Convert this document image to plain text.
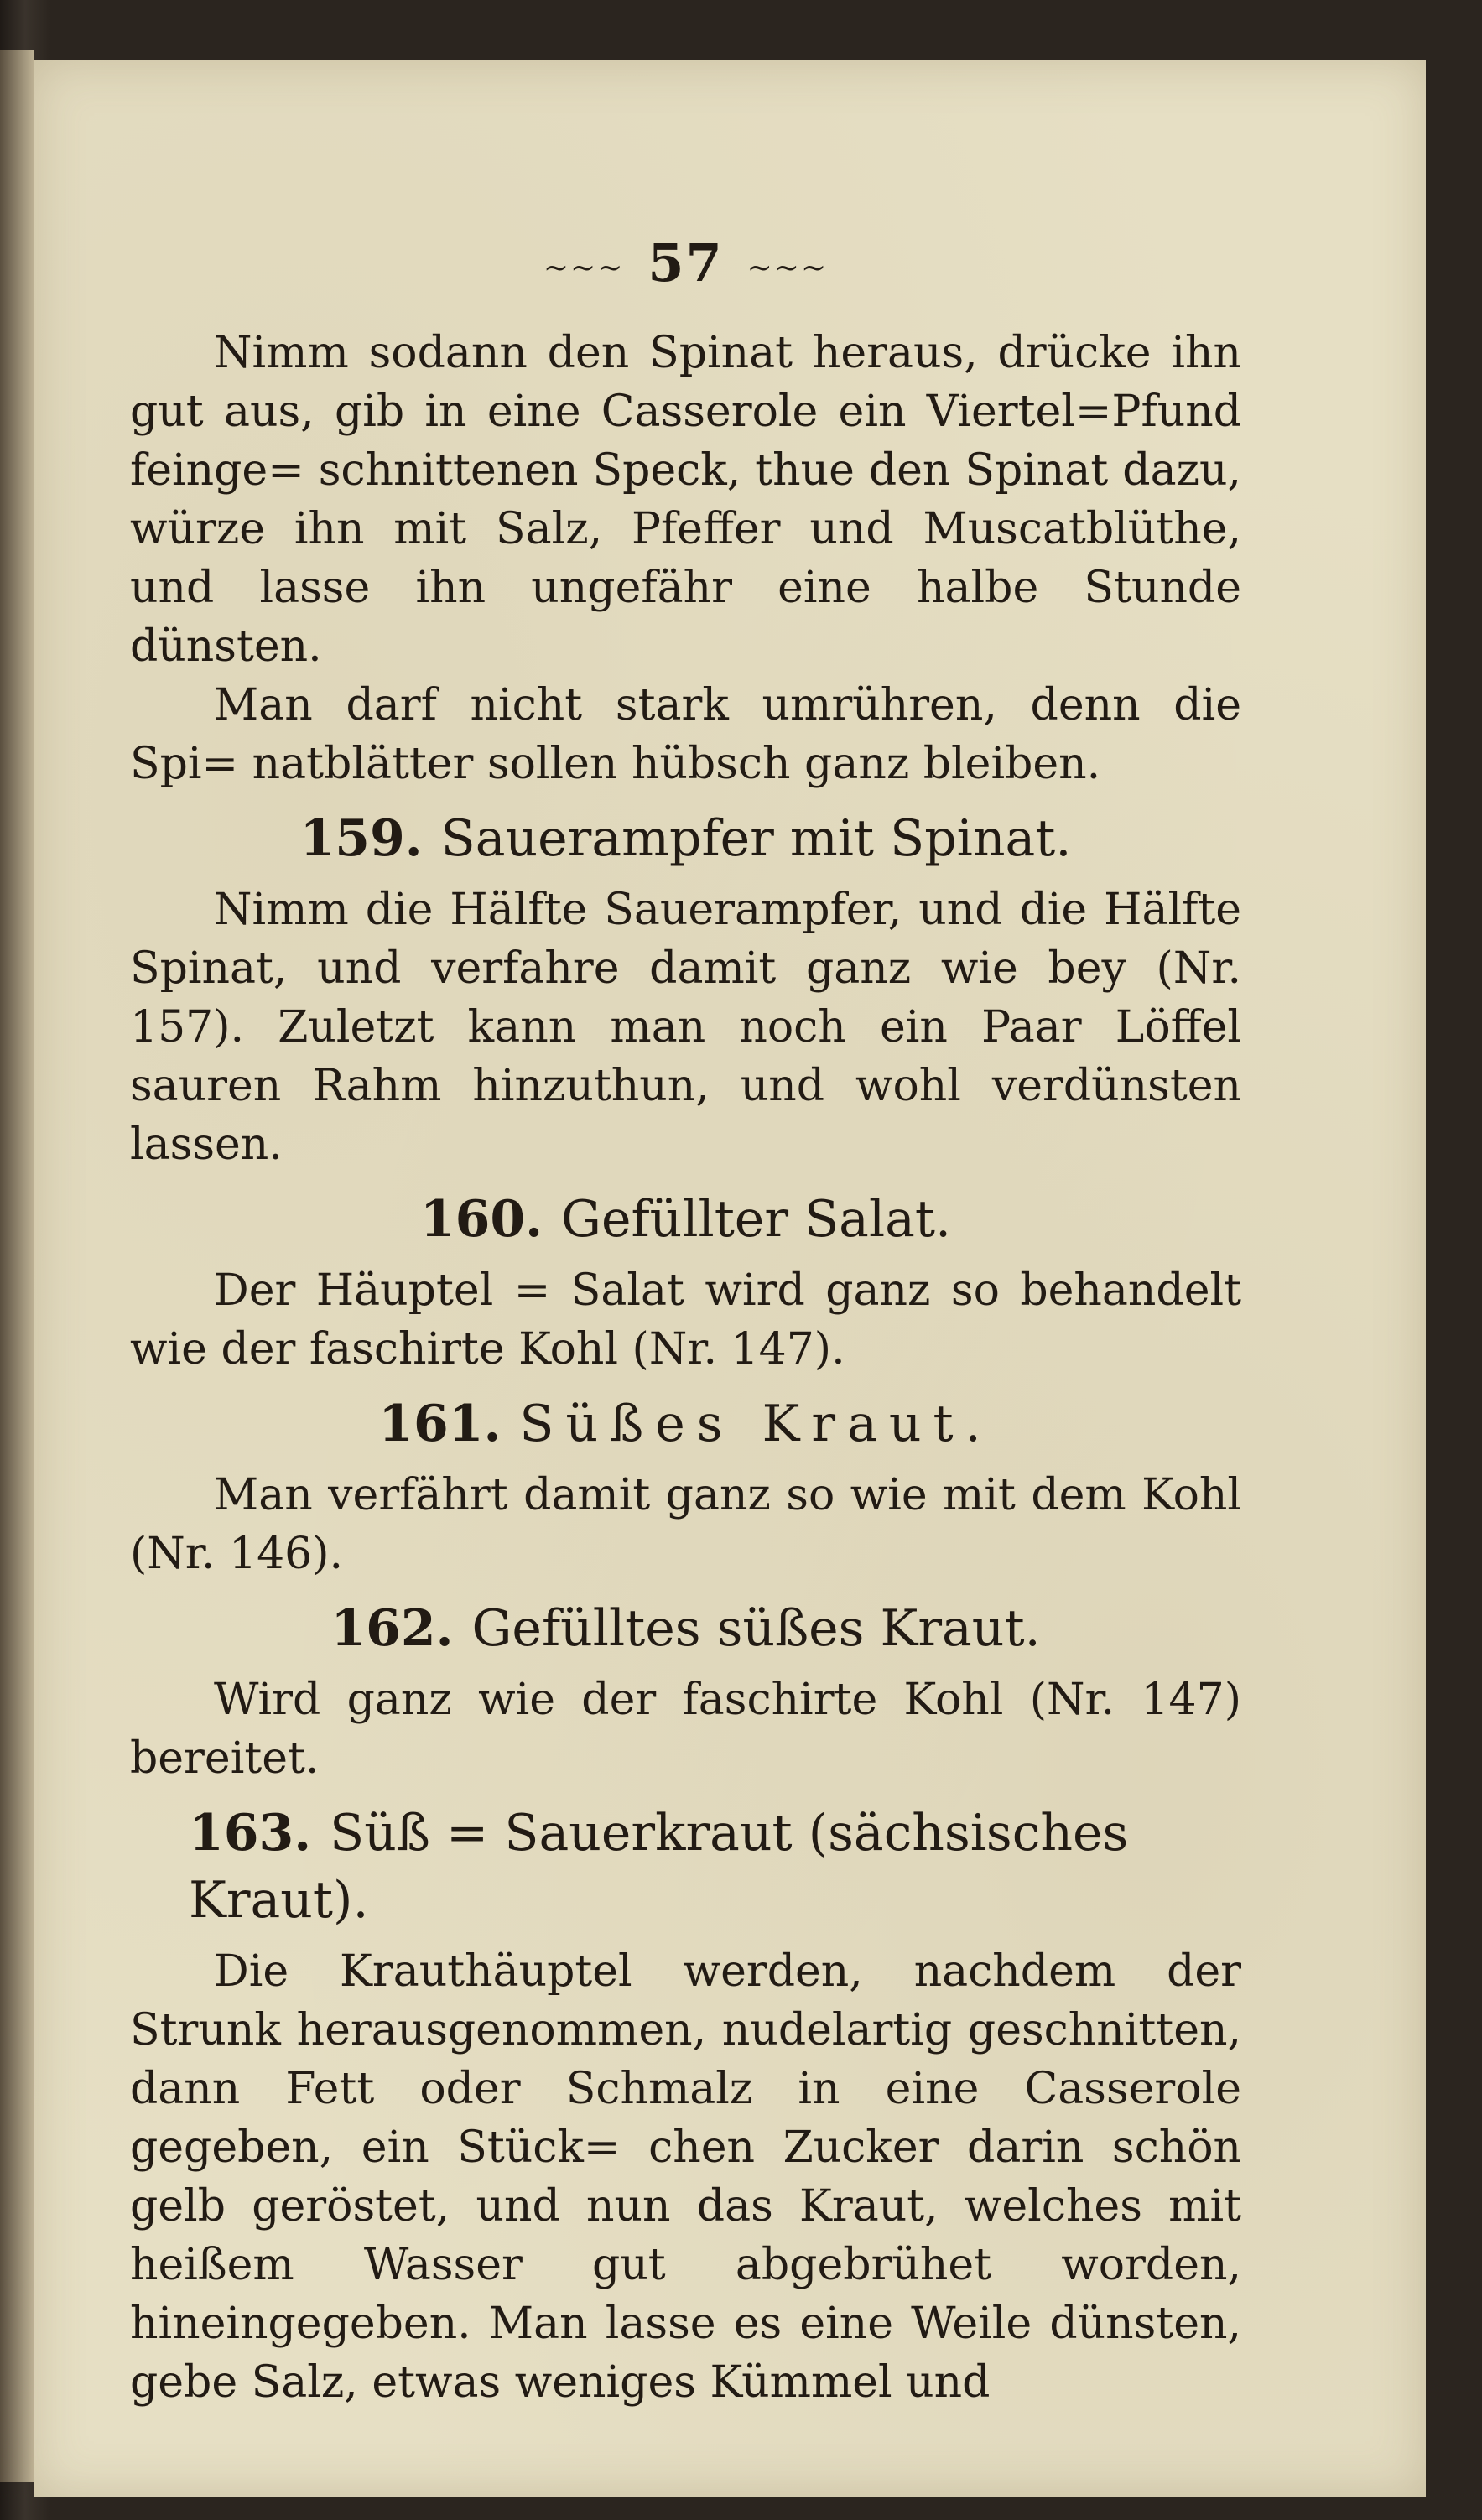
~~~ 57 ~~~

Nimm sodann den Spinat heraus, drücke ihn gut aus, gib in eine Casserole ein Viertel=Pfund feinge= schnittenen Speck, thue den Spinat dazu, würze ihn mit Salz, Pfeffer und Muscatblüthe, und lasse ihn ungefähr eine halbe Stunde dünsten.

Man darf nicht stark umrühren, denn die Spi= natblätter sollen hübsch ganz bleiben.

159. Sauerampfer mit Spinat.

Nimm die Hälfte Sauerampfer, und die Hälfte Spinat, und verfahre damit ganz wie bey (Nr. 157). Zuletzt kann man noch ein Paar Löffel sauren Rahm hinzuthun, und wohl verdünsten lassen.

160. Gefüllter Salat.

Der Häuptel = Salat wird ganz so behandelt wie der faschirte Kohl (Nr. 147).

161. Süßes Kraut.

Man verfährt damit ganz so wie mit dem Kohl (Nr. 146).

162. Gefülltes süßes Kraut.

Wird ganz wie der faschirte Kohl (Nr. 147) bereitet.

163. Süß = Sauerkraut (sächsisches Kraut).

Die Krauthäuptel werden, nachdem der Strunk herausgenommen, nudelartig geschnitten, dann Fett oder Schmalz in eine Casserole gegeben, ein Stück= chen Zucker darin schön gelb geröstet, und nun das Kraut, welches mit heißem Wasser gut abgebrühet worden, hineingegeben. Man lasse es eine Weile dünsten, gebe Salz, etwas weniges Kümmel und
